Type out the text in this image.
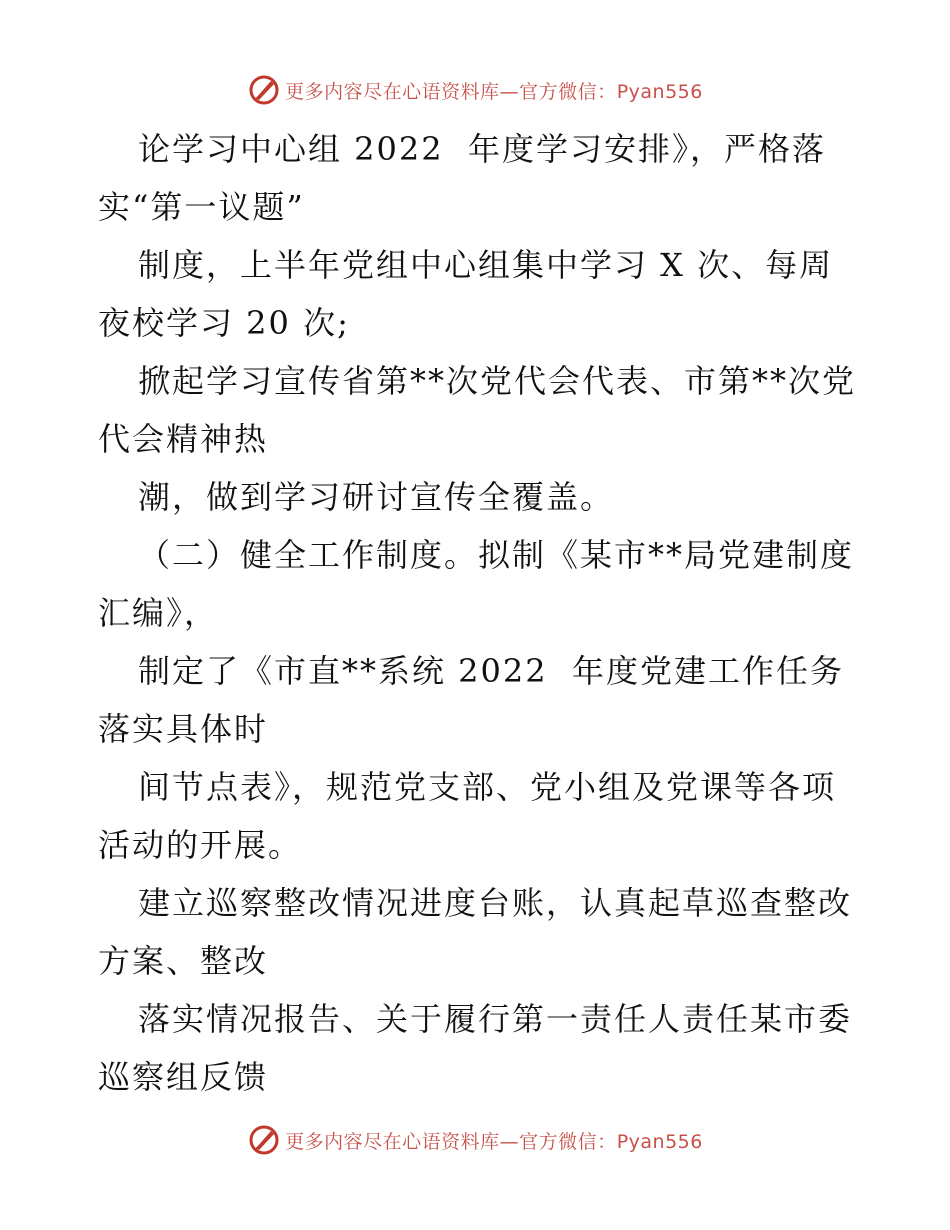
更多内容尽在心语资料库—官方微信：Pyan556
论学习中心组 2022  年度学习安排》，严格落
实“第一议题”
制度，上半年党组中心组集中学习 X 次、每周
夜校学习 20 次;
掀起学习宣传省第**次党代会代表、市第**次党
代会精神热
潮，做到学习研讨宣传全覆盖。
（二）健全工作制度。拟制《某市**局党建制度
汇编》，
制定了《市直**系统 2022  年度党建工作任务
落实具体时
间节点表》，规范党支部、党小组及党课等各项
活动的开展。
建立巡察整改情况进度台账，认真起草巡查整改
方案、整改
落实情况报告、关于履行第一责任人责任某市委
巡察组反馈
更多内容尽在心语资料库—官方微信：Pyan556
